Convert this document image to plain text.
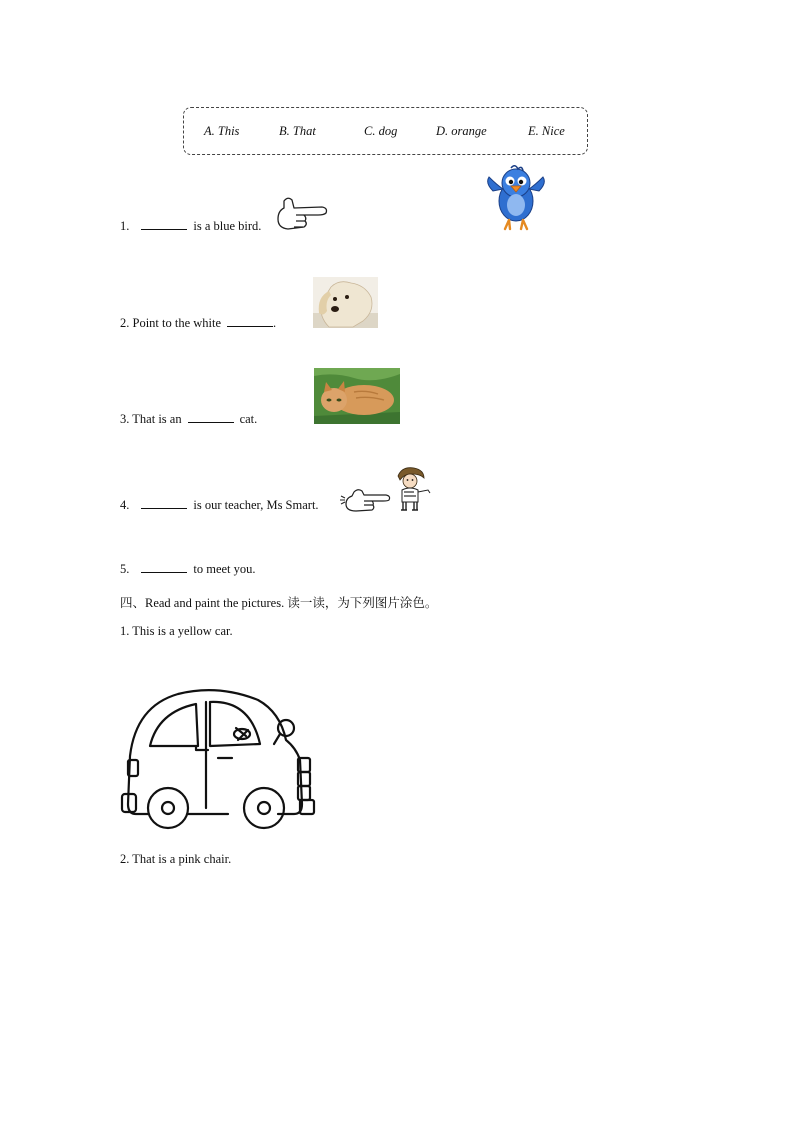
A. This	B. That	C. dog	D. orange	E. Nice
1.	is a blue bird.
2. Point to the white	.
3. That is an	cat.
4.	is our teacher, Ms Smart.
5.	to meet you.
四、Read and paint the pictures. 读一读，为下列图片涂色。
1. This is a yellow car.
2. That is a pink chair.
